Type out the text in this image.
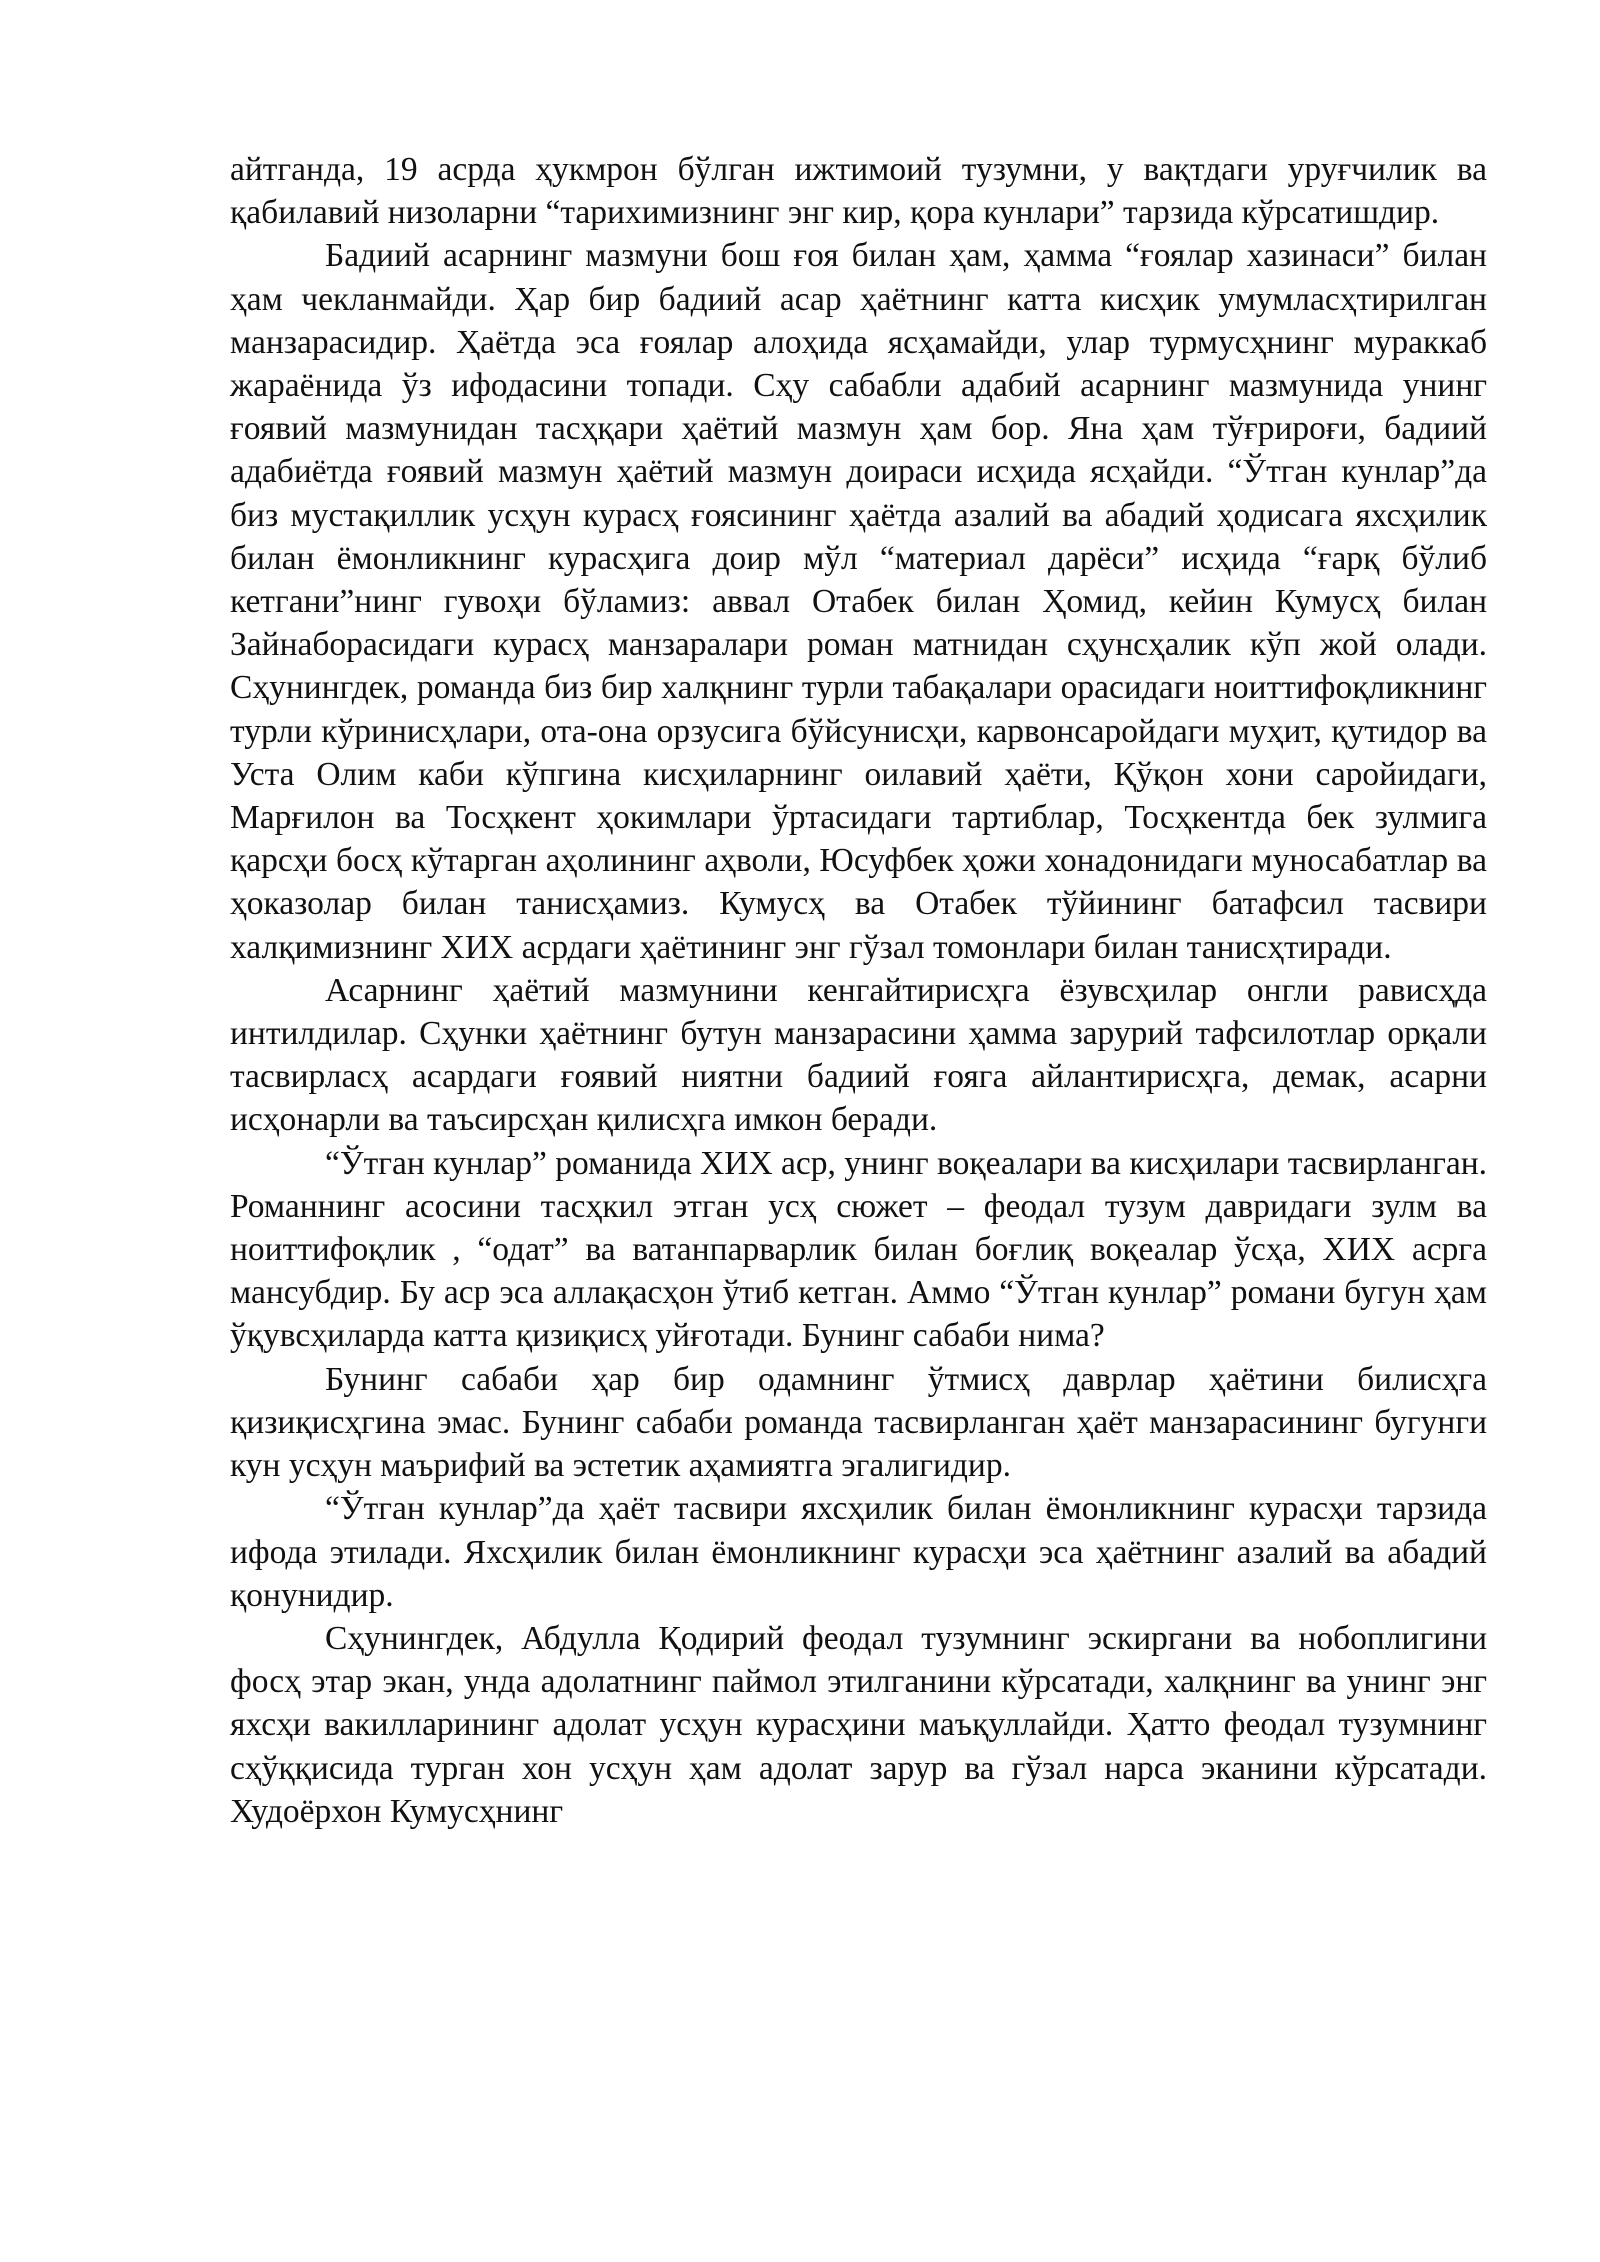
айтганда, 19 асрда ҳукмрон бўлган ижтимоий тузумни, у вақтдаги уруғчилик ва қабилавий низоларни “тарихимизнинг энг кир, қора кунлари” тарзида кўрсатишдир.

Бадиий асарнинг мазмуни бош ғоя билан ҳам, ҳамма “ғоялар хазинаси” билан ҳам чекланмайди. Ҳар бир бадиий асар ҳаётнинг катта кисҳик умумласҳтирилган манзарасидир. Ҳаётда эса ғоялар алоҳида ясҳамайди, улар турмусҳнинг мураккаб жараёнида ўз ифодасини топади. Сҳу сабабли адабий асарнинг мазмунида унинг ғоявий мазмунидан тасҳқари ҳаётий мазмун ҳам бор. Яна ҳам тўғрироғи, бадиий адабиётда ғоявий мазмун ҳаётий мазмун доираси исҳида ясҳайди. “Ўтган кунлар”да биз мустақиллик усҳун курасҳ ғоясининг ҳаётда азалий ва абадий ҳодисага яхсҳилик билан ёмонликнинг курасҳига доир мўл “материал дарёси” исҳида “ғарқ бўлиб кетгани”нинг гувоҳи бўламиз: аввал Отабек билан Ҳомид, кейин Кумусҳ билан Зайнаборасидаги курасҳ манзаралари роман матнидан сҳунсҳалик кўп жой олади. Сҳунингдек, романда биз бир халқнинг турли табақалари орасидаги ноиттифоқликнинг турли кўринисҳлари, ота-она орзусига бўйсунисҳи, карвонсаройдаги муҳит, қутидор ва Уста Олим каби кўпгина кисҳиларнинг оилавий ҳаёти, Қўқон хони саройидаги, Марғилон ва Тосҳкент ҳокимлари ўртасидаги тартиблар, Тосҳкентда бек зулмига қарсҳи босҳ кўтарган аҳолининг аҳволи, Юсуфбек ҳожи хонадонидаги муносабатлар ва ҳоказолар билан танисҳамиз. Кумусҳ ва Отабек тўйининг батафсил тасвири халқимизнинг ХИХ асрдаги ҳаётининг энг гўзал томонлари билан танисҳтиради.

Асарнинг ҳаётий мазмунини кенгайтирисҳга ёзувсҳилар онгли рависҳда интилдилар. Сҳунки ҳаётнинг бутун манзарасини ҳамма зарурий тафсилотлар орқали тасвирласҳ асардаги ғоявий ниятни бадиий ғояга айлантирисҳга, демак, асарни исҳонарли ва таъсирсҳан қилисҳга имкон беради.

“Ўтган кунлар” романида ХИХ аср, унинг воқеалари ва кисҳилари тасвирланган. Романнинг асосини тасҳкил этган усҳ сюжет – феодал тузум давридаги зулм ва ноиттифоқлик , “одат” ва ватанпарварлик билан боғлиқ воқеалар ўсҳа, ХИХ асрга мансубдир. Бу аср эса аллақасҳон ўтиб кетган. Аммо “Ўтган кунлар” романи бугун ҳам ўқувсҳиларда катта қизиқисҳ уйғотади. Бунинг сабаби нима?

Бунинг сабаби ҳар бир одамнинг ўтмисҳ даврлар ҳаётини билисҳга қизиқисҳгина эмас. Бунинг сабаби романда тасвирланган ҳаёт манзарасининг бугунги кун усҳун маърифий ва эстетик аҳамиятга эгалигидир.

“Ўтган кунлар”да ҳаёт тасвири яхсҳилик билан ёмонликнинг курасҳи тарзида ифода этилади. Яхсҳилик билан ёмонликнинг курасҳи эса ҳаётнинг азалий ва абадий қонунидир.

Сҳунингдек, Абдулла Қодирий феодал тузумнинг эскиргани ва нобоплигини фосҳ этар экан, унда адолатнинг паймол этилганини кўрсатади, халқнинг ва унинг энг яхсҳи вакилларининг адолат усҳун курасҳини маъқуллайди. Ҳатто феодал тузумнинг сҳўққисида турган хон усҳун ҳам адолат зарур ва гўзал нарса эканини кўрсатади. Худоёрхон Кумусҳнинг
